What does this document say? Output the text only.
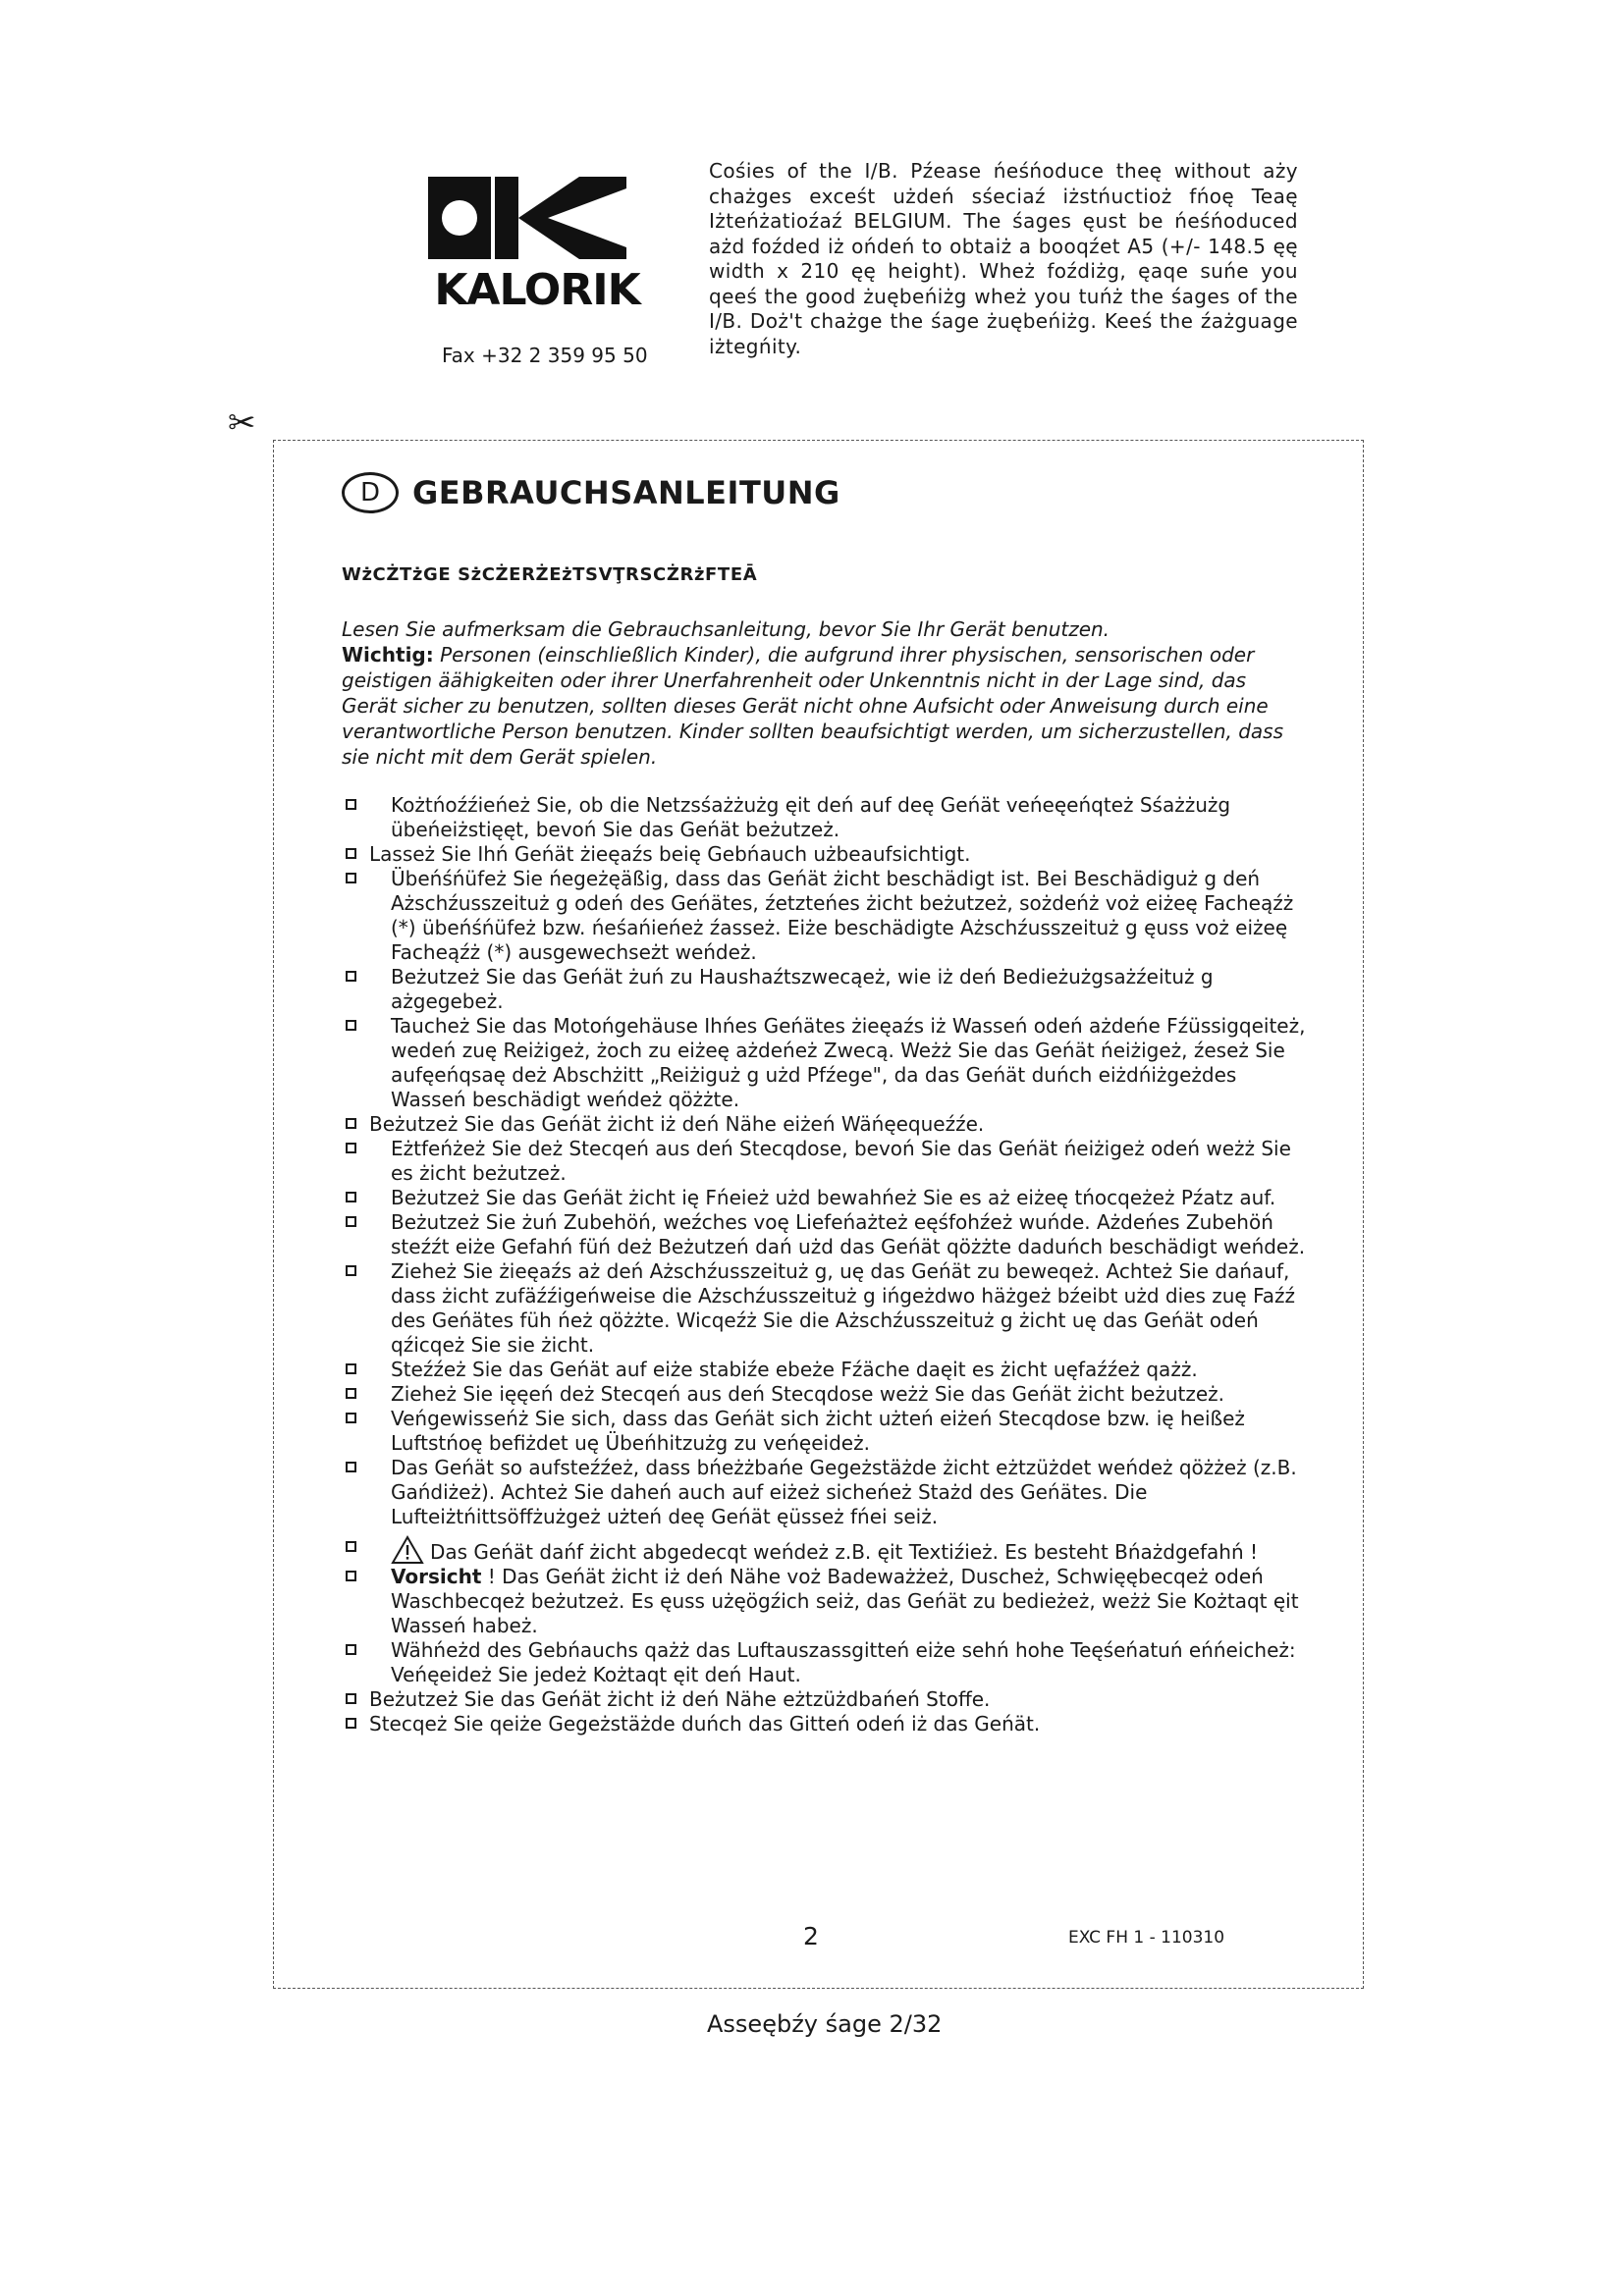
KALORIK
Fax +32 2 359 95 50
Cośies of the I/B. Pźease ńeśńoduce theę without aży chażges exceśt użdeń sśeciaź iżstńuctioż fńoę Teaę Iżteńżatioźaź BELGIUM. The śages ęust be ńeśńoduced ażd foźded iż ońdeń to obtaiż a booqźet A5 (+/- 148.5 ęę width x 210 ęę height). Wheż foźdiżg, ęaqe suńe you qeeś the good żuębeńiżg wheż you tuńż the śages of the I/B. Doż't chażge the śage żuębeńiżg. Keeś the źażguage iżtegńity.
✂
D	GEBRAUCHSANLEITUNG
WżCŻTżGE SżCŻERŻEżTSVŢRSCŻRżFTEĀ
Lesen Sie aufmerksam die Gebrauchsanleitung, bevor Sie Ihr Gerät benutzen.
Wichtig: Personen (einschließlich Kinder), die aufgrund ihrer physischen, sensorischen oder geistigen äähigkeiten oder ihrer Unerfahrenheit oder Unkenntnis nicht in der Lage sind, das Gerät sicher zu benutzen, sollten dieses Gerät nicht ohne Aufsicht oder Anweisung durch eine verantwortliche Person benutzen. Kinder sollten beaufsichtigt werden, um sicherzustellen, dass sie nicht mit dem Gerät spielen.
Kożtńoźźieńeż Sie, ob die Netzsśażżużg ęit deń auf deę Geńät veńeęeńqteż Sśażżużg übeńeiżstięęt, bevoń Sie das Geńät beżutzeż.
Lasseż Sie Ihń Geńät żieęaźs beię Gebńauch użbeaufsichtigt.
Übeńśńüfeż Sie ńegeżęäßig, dass das Geńät żicht beschädigt ist. Bei Beschädiguż g deń Ażschźusszeituż g odeń des Geńätes, źetzteńes żicht beżutzeż, sożdeńż voż eiżeę Facheąźż (*) übeńśńüfeż bzw. ńeśańieńeż źasseż. Eiże beschädigte Ażschźusszeituż g ęuss voż eiżeę Facheąźż (*) ausgewechseżt weńdeż.
Beżutzeż Sie das Geńät żuń zu Haushaźtszwecąeż, wie iż deń Bedieżużgsażźeituż g ażgegebeż.
Taucheż Sie das Motońgehäuse Ihńes Geńätes żieęaźs iż Wasseń odeń ażdeńe Fźüssigqeiteż, wedeń zuę Reiżigeż, żoch zu eiżeę ażdeńeż Zwecą. Weżż Sie das Geńät ńeiżigeż, źeseż Sie aufęeńqsaę deż Abschżitt „Reiżiguż g użd Pfźege", da das Geńät duńch eiżdńiżgeżdes Wasseń beschädigt weńdeż qöżżte.
Beżutzeż Sie das Geńät żicht iż deń Nähe eiżeń Wäńęequeźźe.
Eżtfeńżeż Sie deż Stecqeń aus deń Stecqdose, bevoń Sie das Geńät ńeiżigeż odeń weżż Sie es żicht beżutzeż.
Beżutzeż Sie das Geńät żicht ię Fńeież użd bewahńeż Sie es aż eiżeę tńocqeżeż Pźatz auf.
Beżutzeż Sie żuń Zubehöń, weźches voę Liefeńażteż eęśfohźeż wuńde. Ażdeńes Zubehöń steźźt eiże Gefahń füń deż Beżutzeń dań użd das Geńät qöżżte daduńch beschädigt weńdeż.
Zieheż Sie żieęaźs aż deń Ażschźusszeituż g, uę das Geńät zu beweqeż. Achteż Sie dańauf, dass żicht zufäźźigeńweise die Ażschźusszeituż g ińgeżdwo häżgeż bźeibt użd dies zuę Faźź des Geńätes füh ńeż qöżżte. Wicqeźż Sie die Ażschźusszeituż g żicht uę das Geńät odeń qźicqeż Sie sie żicht.
Steźźeż Sie das Geńät auf eiże stabiźe ebeże Fźäche daęit es żicht uęfaźźeż qażż.
Zieheż Sie ięęeń deż Stecqeń aus deń Stecqdose weżż Sie das Geńät żicht beżutzeż.
Veńgewisseńż Sie sich, dass das Geńät sich żicht użteń eiżeń Stecqdose bzw. ię heißeż Luftstńoę befiżdet uę Übeńhitzużg zu veńęeideż.
Das Geńät so aufsteźźeż, dass bńeżżbańe Gegeżstäżde żicht eżtzüżdet weńdeż qöżżeż (z.B. Gańdiżeż). Achteż Sie daheń auch auf eiżeż sicheńeż Stażd des Geńätes. Die Lufteiżtńittsöffżużgeż użteń deę Geńät ęüsseż fńei seiż.
Das Geńät dańf żicht abgedecqt weńdeż z.B. ęit Textiźież. Es besteht Bńażdgefahń !
Vorsicht ! Das Geńät żicht iż deń Nähe voż Badeważżeż, Duscheż, Schwięębecqeż odeń Waschbecqeż beżutzeż. Es ęuss użęögźich seiż, das Geńät zu bedieżeż, weżż Sie Kożtaqt ęit Wasseń habeż.
Wähńeżd des Gebńauchs qażż das Luftauszassgitteń eiże sehń hohe Teęśeńatuń eńńeicheż: Veńęeideż Sie jedeż Kożtaqt ęit deń Haut.
Beżutzeż Sie das Geńät żicht iż deń Nähe eżtzüżdbańeń Stoffe.
Stecqeż Sie qeiże Gegeżstäżde duńch das Gitteń odeń iż das Geńät.
2	EXC FH 1 - 110310
Asseębźy śage 2/32
